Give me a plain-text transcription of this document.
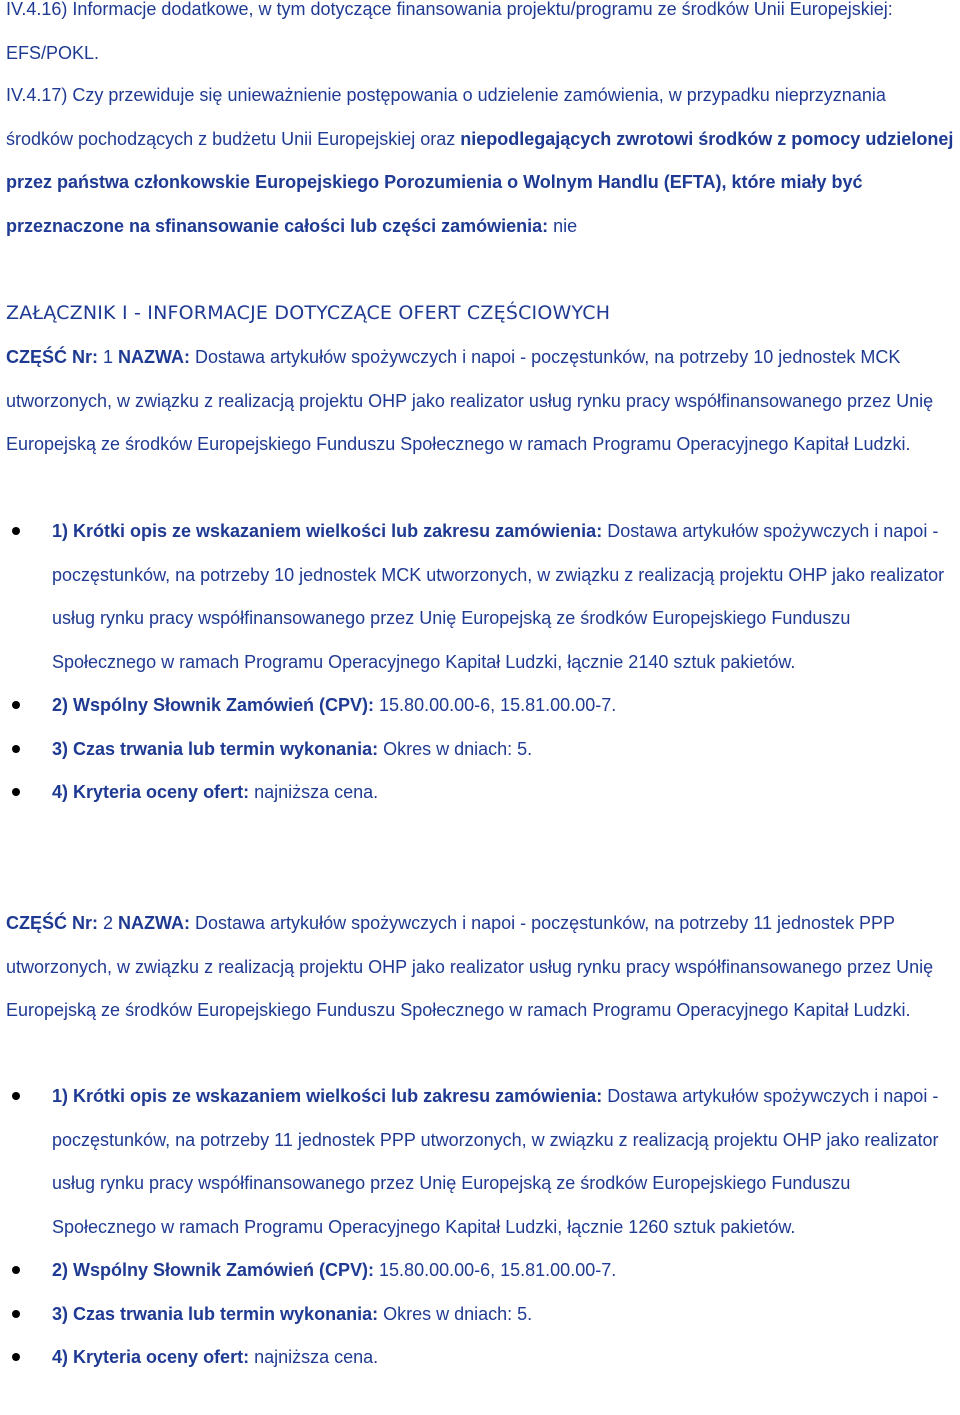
IV.4.16) Informacje dodatkowe, w tym dotyczące finansowania projektu/programu ze środków Unii Europejskiej: EFS/POKL.

IV.4.17) Czy przewiduje się unieważnienie postępowania o udzielenie zamówienia, w przypadku nieprzyznania środków pochodzących z budżetu Unii Europejskiej oraz niepodlegających zwrotowi środków z pomocy udzielonej przez państwa członkowskie Europejskiego Porozumienia o Wolnym Handlu (EFTA), które miały być przeznaczone na sfinansowanie całości lub części zamówienia: nie

ZAŁĄCZNIK I - INFORMACJE DOTYCZĄCE OFERT CZĘŚCIOWYCH

CZĘŚĆ Nr: 1 NAZWA: Dostawa artykułów spożywczych i napoi - poczęstunków, na potrzeby 10 jednostek MCK utworzonych, w związku z realizacją projektu OHP jako realizator usług rynku pracy współfinansowanego przez Unię Europejską ze środków Europejskiego Funduszu Społecznego w ramach Programu Operacyjnego Kapitał Ludzki.

1) Krótki opis ze wskazaniem wielkości lub zakresu zamówienia: Dostawa artykułów spożywczych i napoi - poczęstunków, na potrzeby 10 jednostek MCK utworzonych, w związku z realizacją projektu OHP jako realizator usług rynku pracy współfinansowanego przez Unię Europejską ze środków Europejskiego Funduszu Społecznego w ramach Programu Operacyjnego Kapitał Ludzki, łącznie 2140 sztuk pakietów.
2) Wspólny Słownik Zamówień (CPV): 15.80.00.00-6, 15.81.00.00-7.
3) Czas trwania lub termin wykonania: Okres w dniach: 5.
4) Kryteria oceny ofert: najniższa cena.

CZĘŚĆ Nr: 2 NAZWA: Dostawa artykułów spożywczych i napoi - poczęstunków, na potrzeby 11 jednostek PPP utworzonych, w związku z realizacją projektu OHP jako realizator usług rynku pracy współfinansowanego przez Unię Europejską ze środków Europejskiego Funduszu Społecznego w ramach Programu Operacyjnego Kapitał Ludzki.

1) Krótki opis ze wskazaniem wielkości lub zakresu zamówienia: Dostawa artykułów spożywczych i napoi - poczęstunków, na potrzeby 11 jednostek PPP utworzonych, w związku z realizacją projektu OHP jako realizator usług rynku pracy współfinansowanego przez Unię Europejską ze środków Europejskiego Funduszu Społecznego w ramach Programu Operacyjnego Kapitał Ludzki, łącznie 1260 sztuk pakietów.
2) Wspólny Słownik Zamówień (CPV): 15.80.00.00-6, 15.81.00.00-7.
3) Czas trwania lub termin wykonania: Okres w dniach: 5.
4) Kryteria oceny ofert: najniższa cena.
